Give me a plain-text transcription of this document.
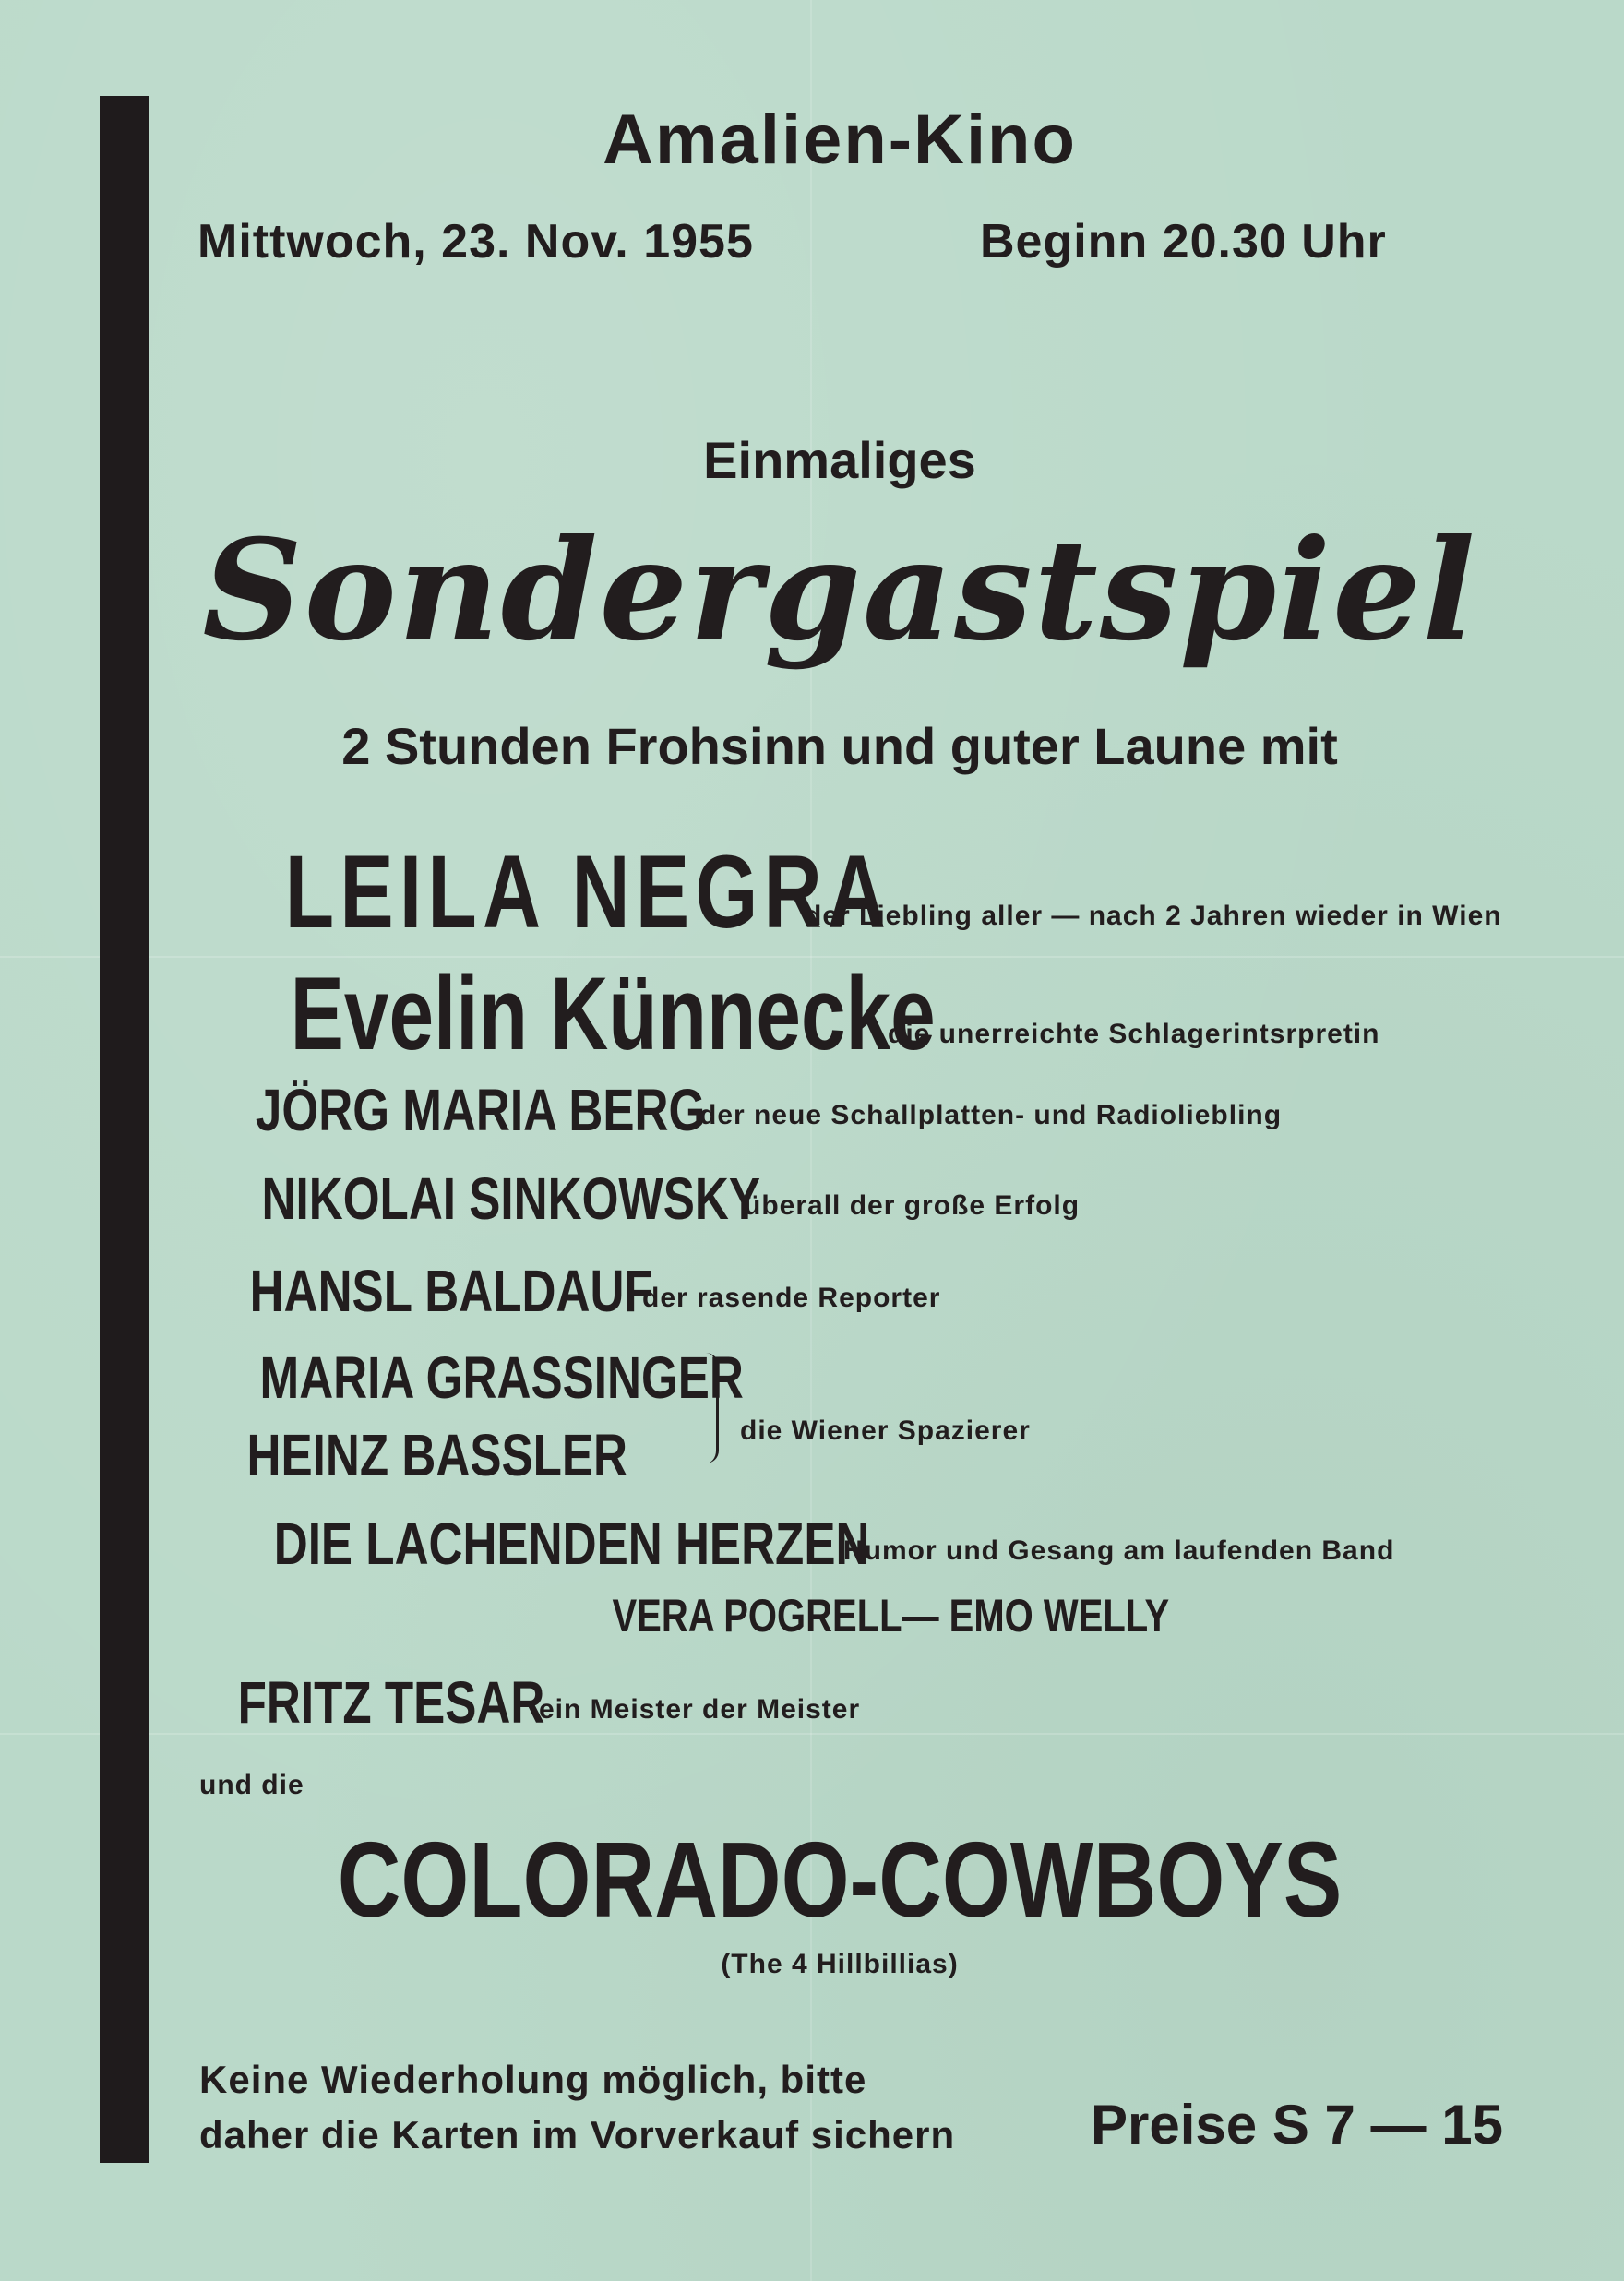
Amalien-Kino
Mittwoch, 23. Nov. 1955	Beginn 20.30 Uhr
Einmaliges
Sondergastspiel
2 Stunden Frohsinn und guter Laune mit
LEILA NEGRA
der Liebling aller — nach 2 Jahren wieder in Wien
Evelin Künnecke
die unerreichte Schlagerintsrpretin
JÖRG MARIA BERG
der neue Schallplatten- und Radioliebling
NIKOLAI SINKOWSKY
überall der große Erfolg
HANSL BALDAUF
der rasende Reporter
MARIA GRASSINGER
HEINZ BASSLER	die Wiener Spazierer
DIE LACHENDEN HERZEN
Humor und Gesang am laufenden Band
VERA POGRELL— EMO WELLY
FRITZ TESAR
ein Meister der Meister
und die
COLORADO-COWBOYS
(The 4 Hillbillias)
Keine Wiederholung möglich, bitte
daher die Karten im Vorverkauf sichern Preise S 7 — 15
